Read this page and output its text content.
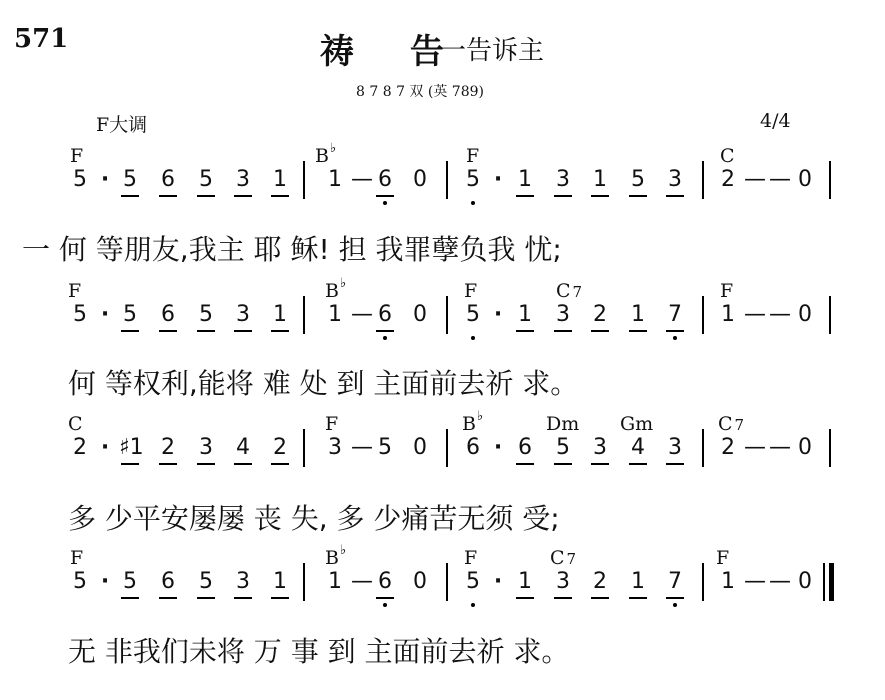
571	祷 告
一告诉主
8 7 8 7 双 (英 789)
F大调	4/4
F	B♭	F	C
5 · 5 6 5 3 1 1 — 6 0 5 · 1 3 1 5 3 2 — — 0
一 何 等朋友,我主 耶 稣! 担 我罪孽负我 忧;
F	B♭	F	C 7	F
5 · 5 6 5 3 1 1 — 6 0 5 · 1 3 2 1 7 1 — — 0
何 等权利,能将 难 处 到 主面前去祈 求。
C	F	B♭	Dm Gm	C 7
2 · ♯1 2 3 4 2 3 — 5 0 6 · 6 5 3 4 3 2 — — 0
多 少平安屡屡 丧 失, 多 少痛苦无须 受;
F	B♭	F	C 7	F
5 · 5 6 5 3 1 1 — 6 0 5 · 1 3 2 1 7 1 — — 0
无 非我们未将 万 事 到 主面前去祈 求。
